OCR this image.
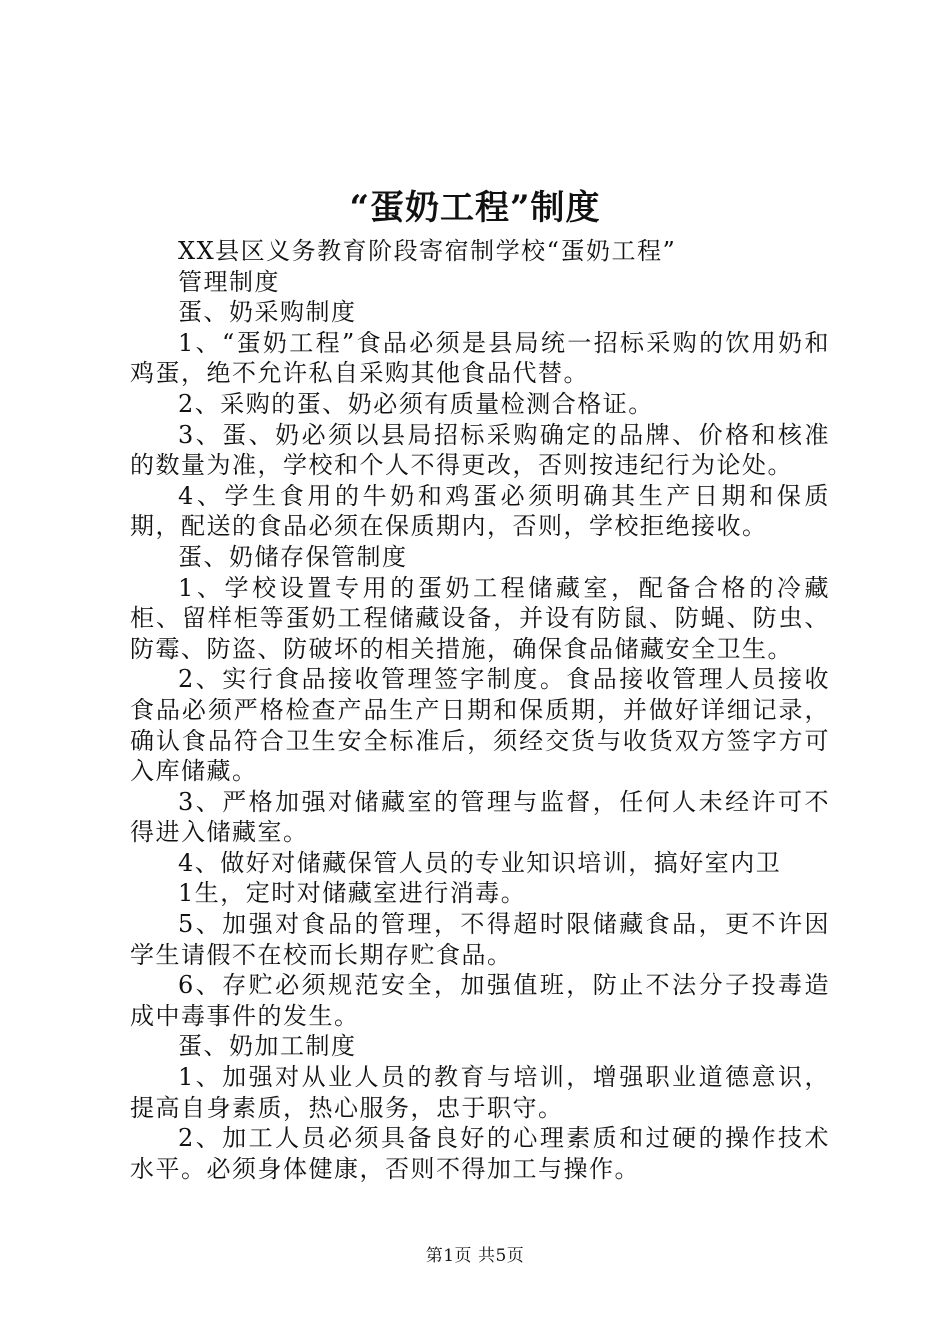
“蛋奶工程”制度

XX县区义务教育阶段寄宿制学校“蛋奶工程”

管理制度

蛋、奶采购制度

1、“蛋奶工程”食品必须是县局统一招标采购的饮用奶和鸡蛋，绝不允许私自采购其他食品代替。

2、采购的蛋、奶必须有质量检测合格证。

3、蛋、奶必须以县局招标采购确定的品牌、价格和核准的数量为准，学校和个人不得更改，否则按违纪行为论处。

4、学生食用的牛奶和鸡蛋必须明确其生产日期和保质期，配送的食品必须在保质期内，否则，学校拒绝接收。

蛋、奶储存保管制度

1、学校设置专用的蛋奶工程储藏室，配备合格的冷藏柜、留样柜等蛋奶工程储藏设备，并设有防鼠、防蝇、防虫、防霉、防盗、防破坏的相关措施，确保食品储藏安全卫生。

2、实行食品接收管理签字制度。食品接收管理人员接收食品必须严格检查产品生产日期和保质期，并做好详细记录，确认食品符合卫生安全标准后，须经交货与收货双方签字方可入库储藏。

3、严格加强对储藏室的管理与监督，任何人未经许可不得进入储藏室。

4、做好对储藏保管人员的专业知识培训，搞好室内卫

1生，定时对储藏室进行消毒。

5、加强对食品的管理，不得超时限储藏食品，更不许因学生请假不在校而长期存贮食品。

6、存贮必须规范安全，加强值班，防止不法分子投毒造成中毒事件的发生。

蛋、奶加工制度

1、加强对从业人员的教育与培训，增强职业道德意识，提高自身素质，热心服务，忠于职守。

2、加工人员必须具备良好的心理素质和过硬的操作技术水平。必须身体健康，否则不得加工与操作。

第1页 共5页
